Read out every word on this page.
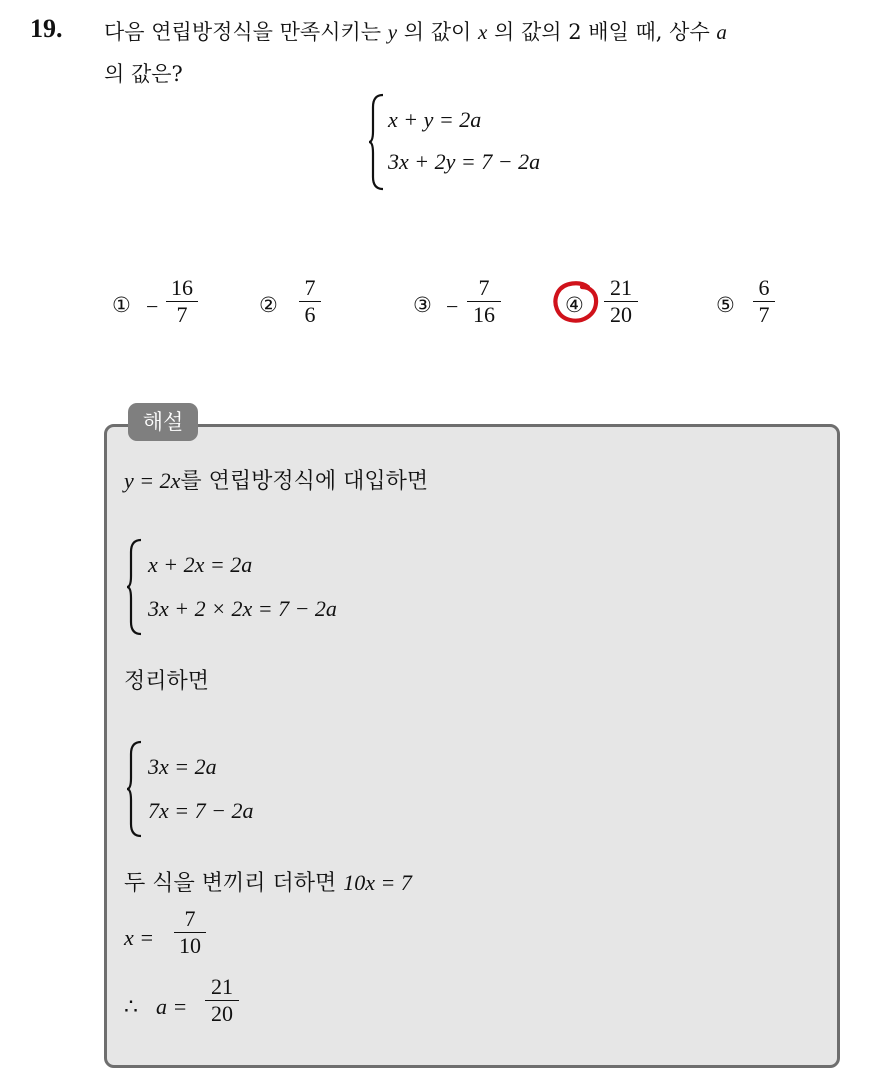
19. 다음 연립방정식을 만족시키는 y 의 값이 x 의 값의 2 배일 때, 상수 a
의 값은?
x + y = 2a
3x + 2y = 7 − 2a
① −
16
7	②
7
6	③ −
7
16	④
21
20	⑤
6
7
해설
y = 2x를 연립방정식에 대입하면
x + 2x = 2a
3x + 2 × 2x = 7 − 2a
정리하면
3x = 2a
7x = 7 − 2a
두 식을 변끼리 더하면 10x = 7
x =
7
10
∴ a =
21
20
